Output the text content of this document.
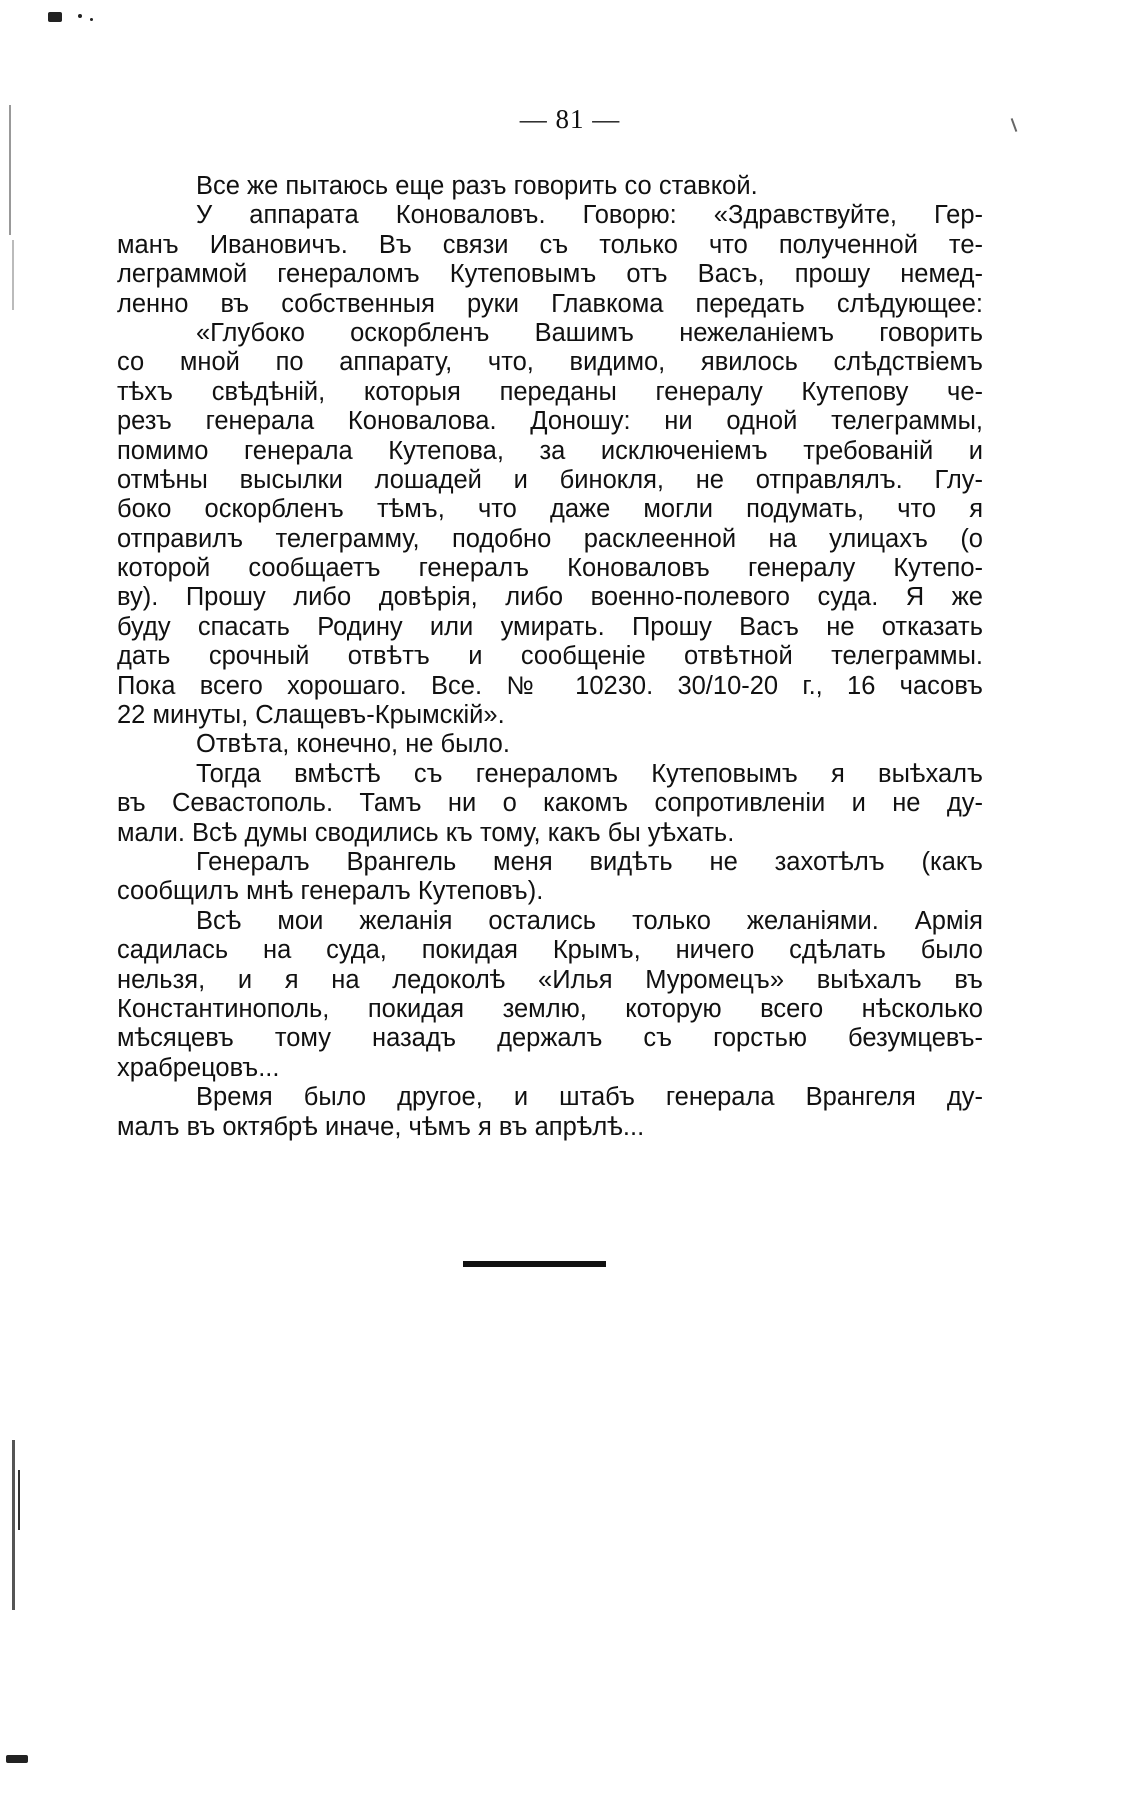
— 81 —
Все же пытаюсь еще разъ говорить со ставкой.
У аппарата Коноваловъ. Говорю: «Здравствуйте, Гер-
манъ Ивановичъ. Въ связи съ только что полученной те-
леграммой генераломъ Кутеповымъ отъ Васъ, прошу немед-
ленно въ собственныя руки Главкома передать слѣдующее:
«Глубоко оскорбленъ Вашимъ нежеланіемъ говорить
со мной по аппарату, что, видимо, явилось слѣдствіемъ
тѣхъ свѣдѣній, которыя переданы генералу Кутепову че-
резъ генерала Коновалова. Доношу: ни одной телеграммы,
помимо генерала Кутепова, за исключеніемъ требованій и
отмѣны высылки лошадей и бинокля, не отправлялъ. Глу-
боко оскорбленъ тѣмъ, что даже могли подумать, что я
отправилъ телеграмму, подобно расклеенной на улицахъ (о
которой сообщаетъ генералъ Коноваловъ генералу Кутепо-
ву). Прошу либо довѣрія, либо военно-полевого суда. Я же
буду спасать Родину или умирать. Прошу Васъ не отказать
дать срочный отвѣтъ и сообщеніе отвѣтной телеграммы.
Пока всего хорошаго. Все. № 10230. 30/10-20 г., 16 часовъ
22 минуты, Слащевъ-Крымскій».
Отвѣта, конечно, не было.
Тогда вмѣстѣ съ генераломъ Кутеповымъ я выѣхалъ
въ Севастополь. Тамъ ни о какомъ сопротивленіи и не ду-
мали. Всѣ думы сводились къ тому, какъ бы уѣхать.
Генералъ Врангель меня видѣть не захотѣлъ (какъ
сообщилъ мнѣ генералъ Кутеповъ).
Всѣ мои желанія остались только желаніями. Армія
садилась на суда, покидая Крымъ, ничего сдѣлать было
нельзя, и я на ледоколѣ «Илья Муромецъ» выѣхалъ въ
Константинополь, покидая землю, которую всего нѣсколько
мѣсяцевъ тому назадъ держалъ съ горстью безумцевъ-
храбрецовъ...
Время было другое, и штабъ генерала Врангеля ду-
малъ въ октябрѣ иначе, чѣмъ я въ апрѣлѣ...
